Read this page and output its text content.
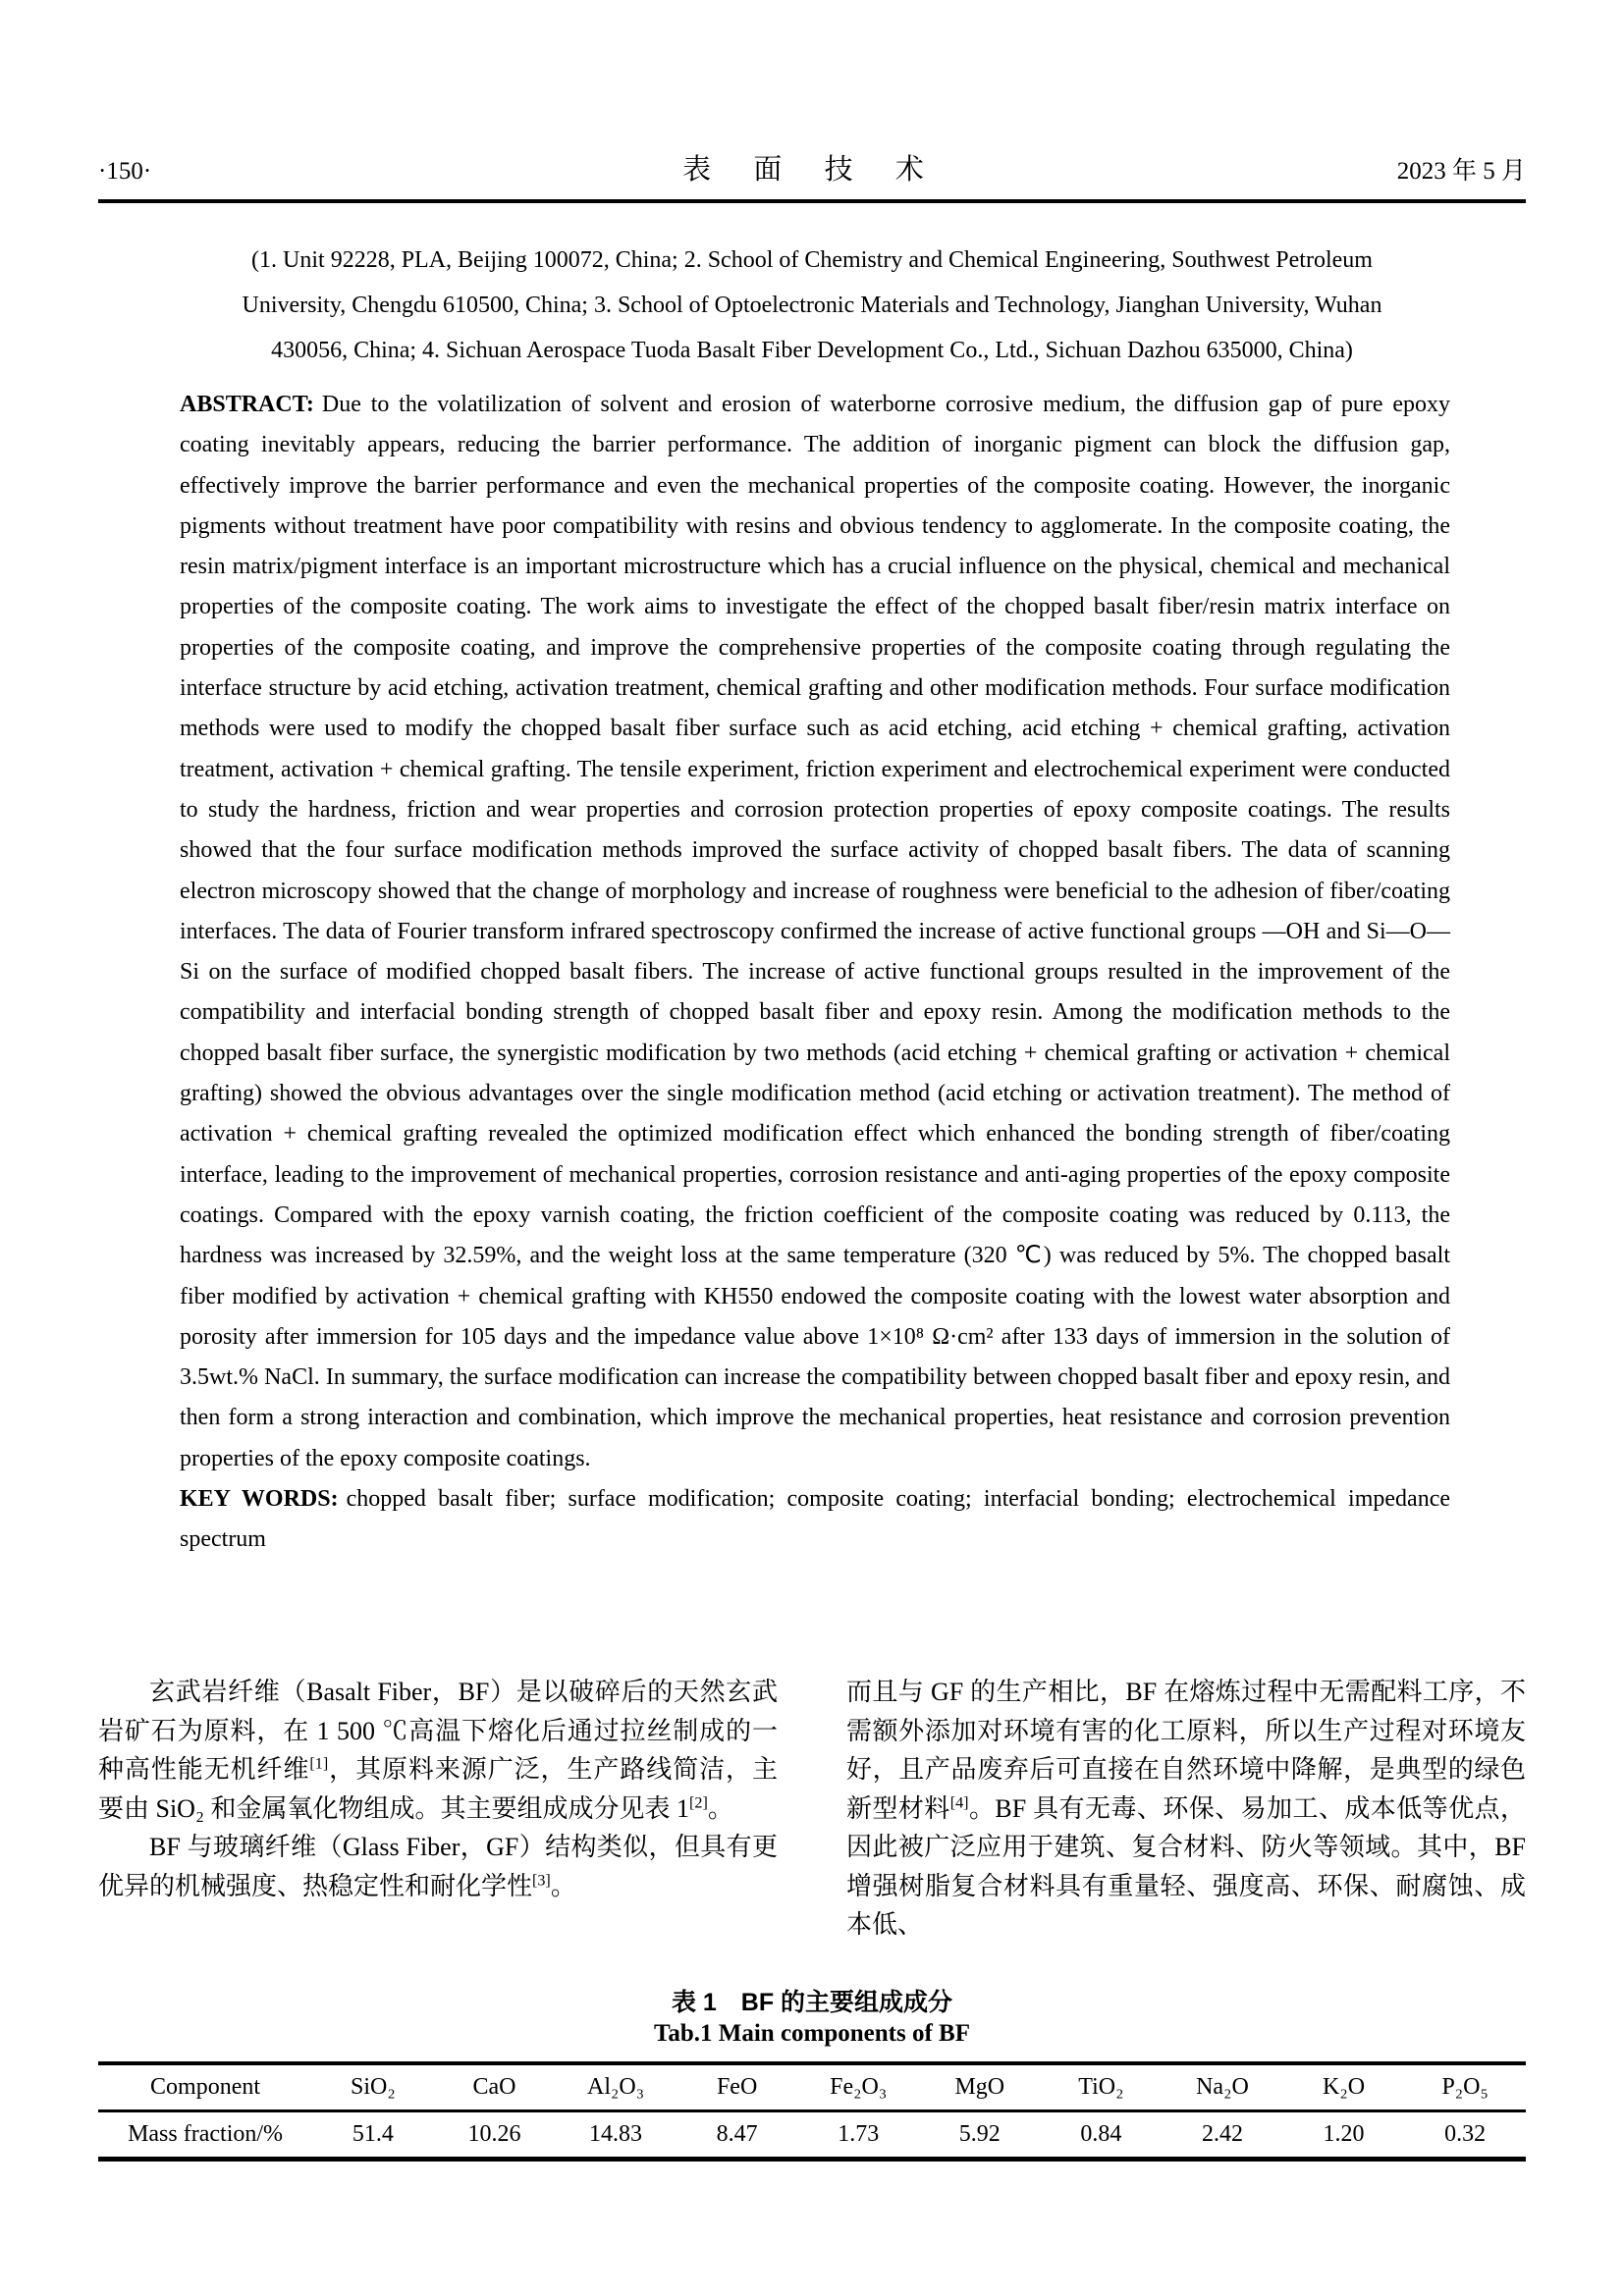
·150·	表 面 技 术	2023 年 5 月
(1. Unit 92228, PLA, Beijing 100072, China; 2. School of Chemistry and Chemical Engineering, Southwest Petroleum
University, Chengdu 610500, China; 3. School of Optoelectronic Materials and Technology, Jianghan University, Wuhan
430056, China; 4. Sichuan Aerospace Tuoda Basalt Fiber Development Co., Ltd., Sichuan Dazhou 635000, China)

ABSTRACT: Due to the volatilization of solvent and erosion of waterborne corrosive medium, the diffusion gap of pure epoxy coating inevitably appears, reducing the barrier performance. The addition of inorganic pigment can block the diffusion gap, effectively improve the barrier performance and even the mechanical properties of the composite coating. However, the inorganic pigments without treatment have poor compatibility with resins and obvious tendency to agglomerate. In the composite coating, the resin matrix/pigment interface is an important microstructure which has a crucial influence on the physical, chemical and mechanical properties of the composite coating. The work aims to investigate the effect of the chopped basalt fiber/resin matrix interface on properties of the composite coating, and improve the comprehensive properties of the composite coating through regulating the interface structure by acid etching, activation treatment, chemical grafting and other modification methods. Four surface modification methods were used to modify the chopped basalt fiber surface such as acid etching, acid etching + chemical grafting, activation treatment, activation + chemical grafting. The tensile experiment, friction experiment and electrochemical experiment were conducted to study the hardness, friction and wear properties and corrosion protection properties of epoxy composite coatings. The results showed that the four surface modification methods improved the surface activity of chopped basalt fibers. The data of scanning electron microscopy showed that the change of morphology and increase of roughness were beneficial to the adhesion of fiber/coating interfaces. The data of Fourier transform infrared spectroscopy confirmed the increase of active functional groups —OH and Si—O—Si on the surface of modified chopped basalt fibers. The increase of active functional groups resulted in the improvement of the compatibility and interfacial bonding strength of chopped basalt fiber and epoxy resin. Among the modification methods to the chopped basalt fiber surface, the synergistic modification by two methods (acid etching + chemical grafting or activation + chemical grafting) showed the obvious advantages over the single modification method (acid etching or activation treatment). The method of activation + chemical grafting revealed the optimized modification effect which enhanced the bonding strength of fiber/coating interface, leading to the improvement of mechanical properties, corrosion resistance and anti-aging properties of the epoxy composite coatings. Compared with the epoxy varnish coating, the friction coefficient of the composite coating was reduced by 0.113, the hardness was increased by 32.59%, and the weight loss at the same temperature (320 ℃) was reduced by 5%. The chopped basalt fiber modified by activation + chemical grafting with KH550 endowed the composite coating with the lowest water absorption and porosity after immersion for 105 days and the impedance value above 1×10⁸ Ω·cm² after 133 days of immersion in the solution of 3.5wt.% NaCl. In summary, the surface modification can increase the compatibility between chopped basalt fiber and epoxy resin, and then form a strong interaction and combination, which improve the mechanical properties, heat resistance and corrosion prevention properties of the epoxy composite coatings.

KEY WORDS: chopped basalt fiber; surface modification; composite coating; interfacial bonding; electrochemical impedance spectrum

玄武岩纤维（Basalt Fiber，BF）是以破碎后的天然玄武岩矿石为原料，在 1 500 ℃高温下熔化后通过拉丝制成的一种高性能无机纤维[1]，其原料来源广泛，生产路线简洁，主要由 SiO₂ 和金属氧化物组成。其主要组成成分见表 1[2]。

BF 与玻璃纤维（Glass Fiber，GF）结构类似，但具有更优异的机械强度、热稳定性和耐化学性[3]。

而且与 GF 的生产相比，BF 在熔炼过程中无需配料工序，不需额外添加对环境有害的化工原料，所以生产过程对环境友好，且产品废弃后可直接在自然环境中降解，是典型的绿色新型材料[4]。BF 具有无毒、环保、易加工、成本低等优点，因此被广泛应用于建筑、复合材料、防火等领域。其中，BF 增强树脂复合材料具有重量轻、强度高、环保、耐腐蚀、成本低、

表 1　BF 的主要组成成分
Tab.1 Main components of BF
Component	SiO₂	CaO	Al₂O₃	FeO	Fe₂O₃	MgO	TiO₂	Na₂O	K₂O	P₂O₅
Mass fraction/%	51.4	10.26	14.83	8.47	1.73	5.92	0.84	2.42	1.20	0.32
